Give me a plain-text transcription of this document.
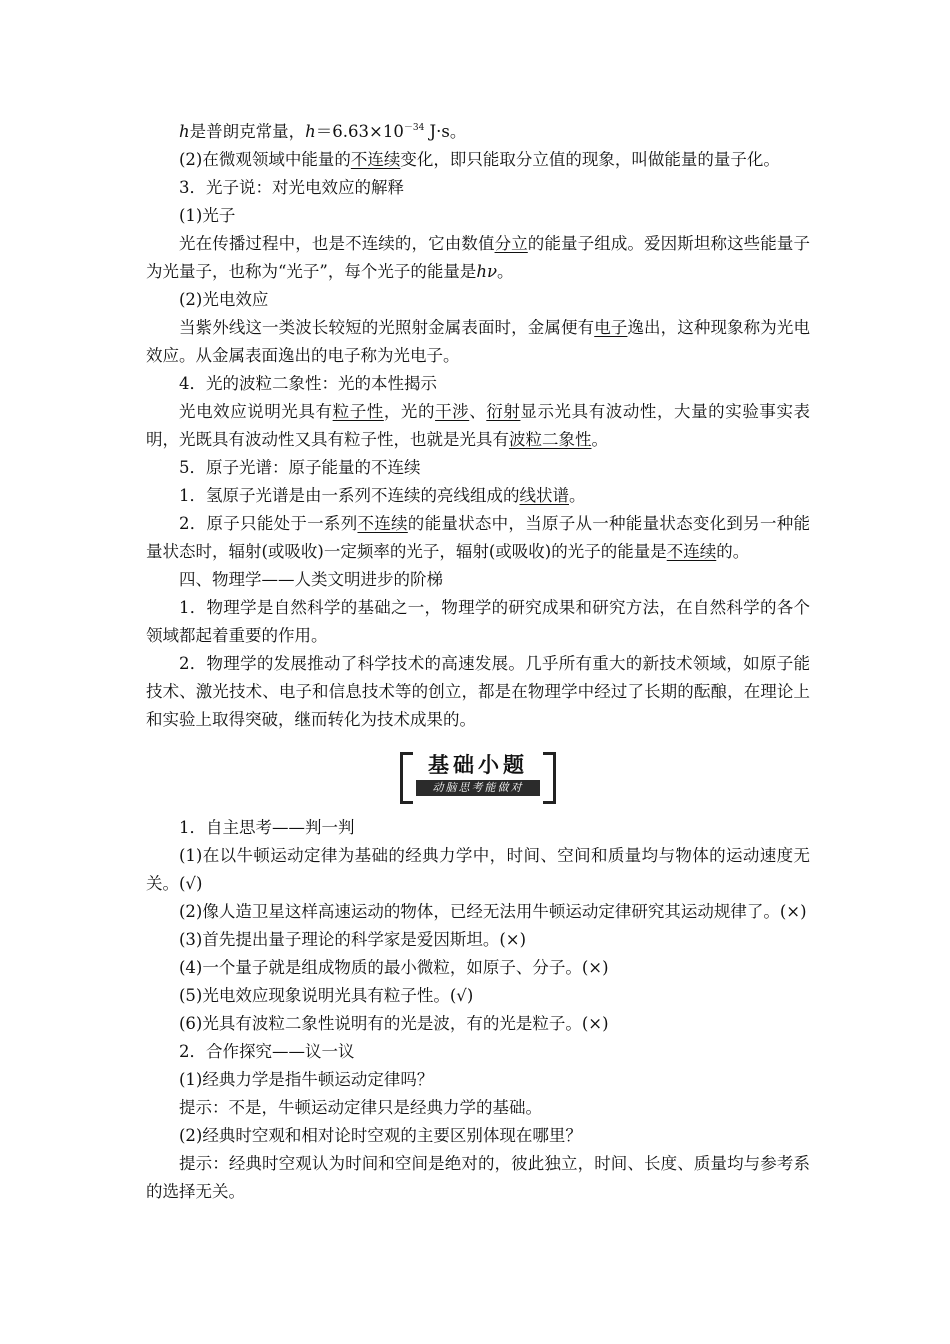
h是普朗克常量，$h=6.63\times 10^{-34}$ J·s。

(2)在微观领域中能量的不连续变化，即只能取分立值的现象，叫做能量的量子化。

3．光子说：对光电效应的解释

(1)光子

光在传播过程中，也是不连续的，它由数值分立的能量子组成。爱因斯坦称这些能量子为光量子，也称为“光子”，每个光子的能量是hν。

(2)光电效应

当紫外线这一类波长较短的光照射金属表面时，金属便有电子逸出，这种现象称为光电效应。从金属表面逸出的电子称为光电子。

4．光的波粒二象性：光的本性揭示

光电效应说明光具有粒子性，光的干涉、衍射显示光具有波动性，大量的实验事实表明，光既具有波动性又具有粒子性，也就是光具有波粒二象性。

5．原子光谱：原子能量的不连续

1．氢原子光谱是由一系列不连续的亮线组成的线状谱。

2．原子只能处于一系列不连续的能量状态中，当原子从一种能量状态变化到另一种能量状态时，辐射(或吸收)一定频率的光子，辐射(或吸收)的光子的能量是不连续的。

四、物理学——人类文明进步的阶梯

1．物理学是自然科学的基础之一，物理学的研究成果和研究方法，在自然科学的各个领域都起着重要的作用。

2．物理学的发展推动了科学技术的高速发展。几乎所有重大的新技术领域，如原子能技术、激光技术、电子和信息技术等的创立，都是在物理学中经过了长期的酝酿，在理论上和实验上取得突破，继而转化为技术成果的。

基础小题
动脑思考能做对

1．自主思考——判一判

(1)在以牛顿运动定律为基础的经典力学中，时间、空间和质量均与物体的运动速度无关。(√)

(2)像人造卫星这样高速运动的物体，已经无法用牛顿运动定律研究其运动规律了。(×)

(3)首先提出量子理论的科学家是爱因斯坦。(×)

(4)一个量子就是组成物质的最小微粒，如原子、分子。(×)

(5)光电效应现象说明光具有粒子性。(√)

(6)光具有波粒二象性说明有的光是波，有的光是粒子。(×)

2．合作探究——议一议

(1)经典力学是指牛顿运动定律吗？

提示：不是，牛顿运动定律只是经典力学的基础。

(2)经典时空观和相对论时空观的主要区别体现在哪里？

提示：经典时空观认为时间和空间是绝对的，彼此独立，时间、长度、质量均与参考系的选择无关。
